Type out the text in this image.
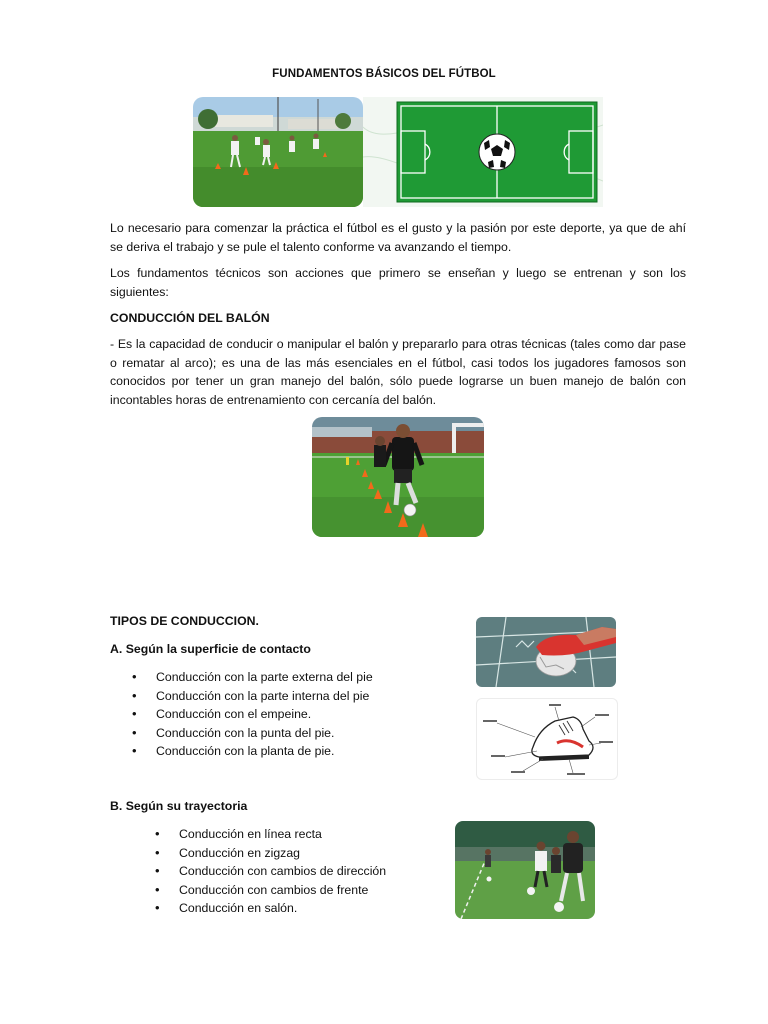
FUNDAMENTOS BÁSICOS DEL FÚTBOL
Lo necesario para comenzar la práctica el fútbol es el gusto y la pasión por este deporte, ya que de ahí se deriva el trabajo y se pule el talento conforme va avanzando el tiempo.
Los fundamentos técnicos son acciones que primero se enseñan y luego se entrenan y son los siguientes:
CONDUCCIÓN DEL BALÓN
- Es la capacidad de conducir o manipular el balón y prepararlo para otras técnicas (tales como dar pase o rematar al arco); es una de las más esenciales en el fútbol, casi todos los jugadores famosos son conocidos por tener un gran manejo del balón, sólo puede lograrse un buen manejo de balón con incontables horas de entrenamiento con cercanía del balón.
TIPOS DE CONDUCCION.
A. Según la superficie de contacto
• Conducción con la parte externa del pie
• Conducción con la parte interna del pie
• Conducción con el empeine.
• Conducción con la punta del pie.
• Conducción con la planta de pie.
B. Según su trayectoria
• Conducción en línea recta
• Conducción en zigzag
• Conducción con cambios de dirección
• Conducción con cambios de frente
• Conducción en salón.
